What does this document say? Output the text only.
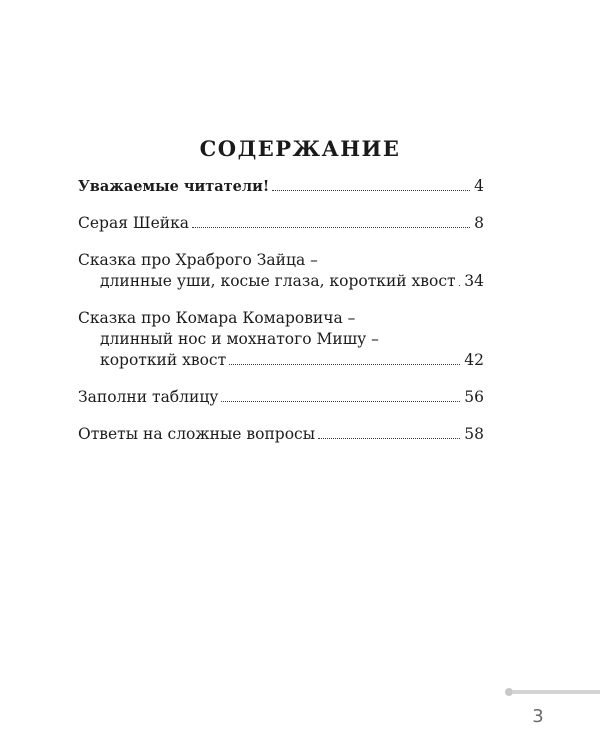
СОДЕРЖАНИЕ
Уважаемые читатели!	4
Серая Шейка	8
Сказка про Храброго Зайца –
длинные уши, косые глаза, короткий хвост 34
Сказка про Комара Комаровича –
длинный нос и мохнатого Мишу –
короткий хвост	42
Заполни таблицу	56
Ответы на сложные вопросы	58
3
